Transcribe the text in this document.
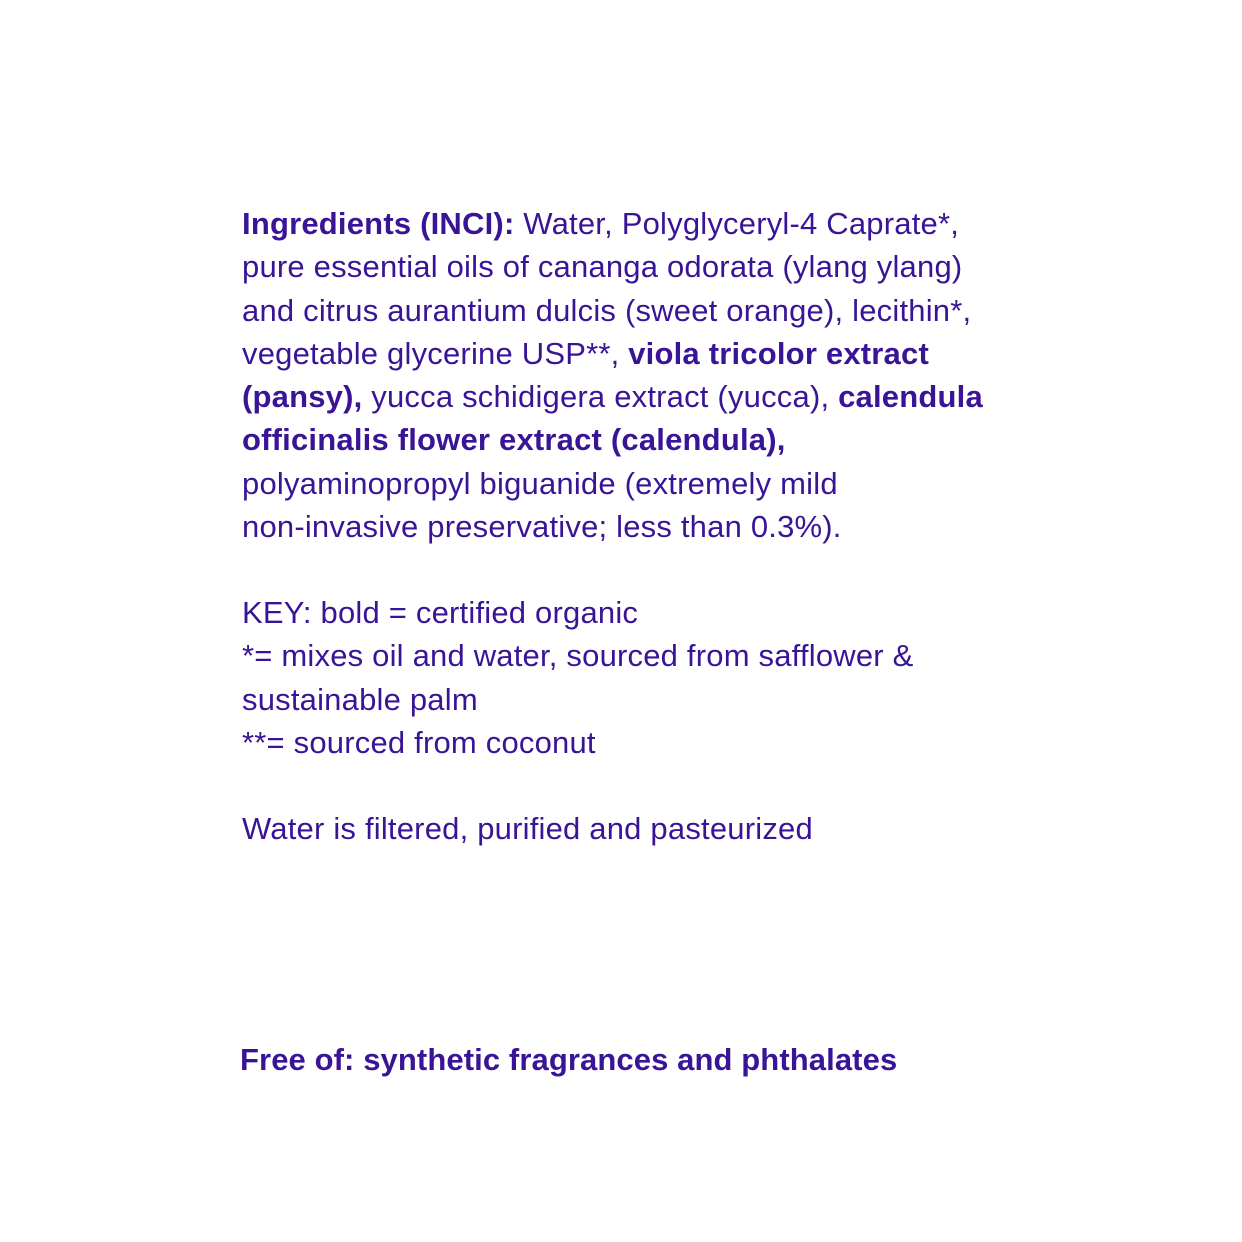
Ingredients (INCI): Water, Polyglyceryl-4 Caprate*,

pure essential oils of cananga odorata (ylang ylang)

and citrus aurantium dulcis (sweet orange), lecithin*,

vegetable glycerine USP**, viola tricolor extract

(pansy), yucca schidigera extract (yucca), calendula

officinalis flower extract (calendula),

polyaminopropyl biguanide (extremely mild

non-invasive preservative; less than 0.3%).

KEY: bold = certified organic

*= mixes oil and water, sourced from safflower &

sustainable palm

**= sourced from coconut

Water is filtered, purified and pasteurized

Free of: synthetic fragrances and phthalates
